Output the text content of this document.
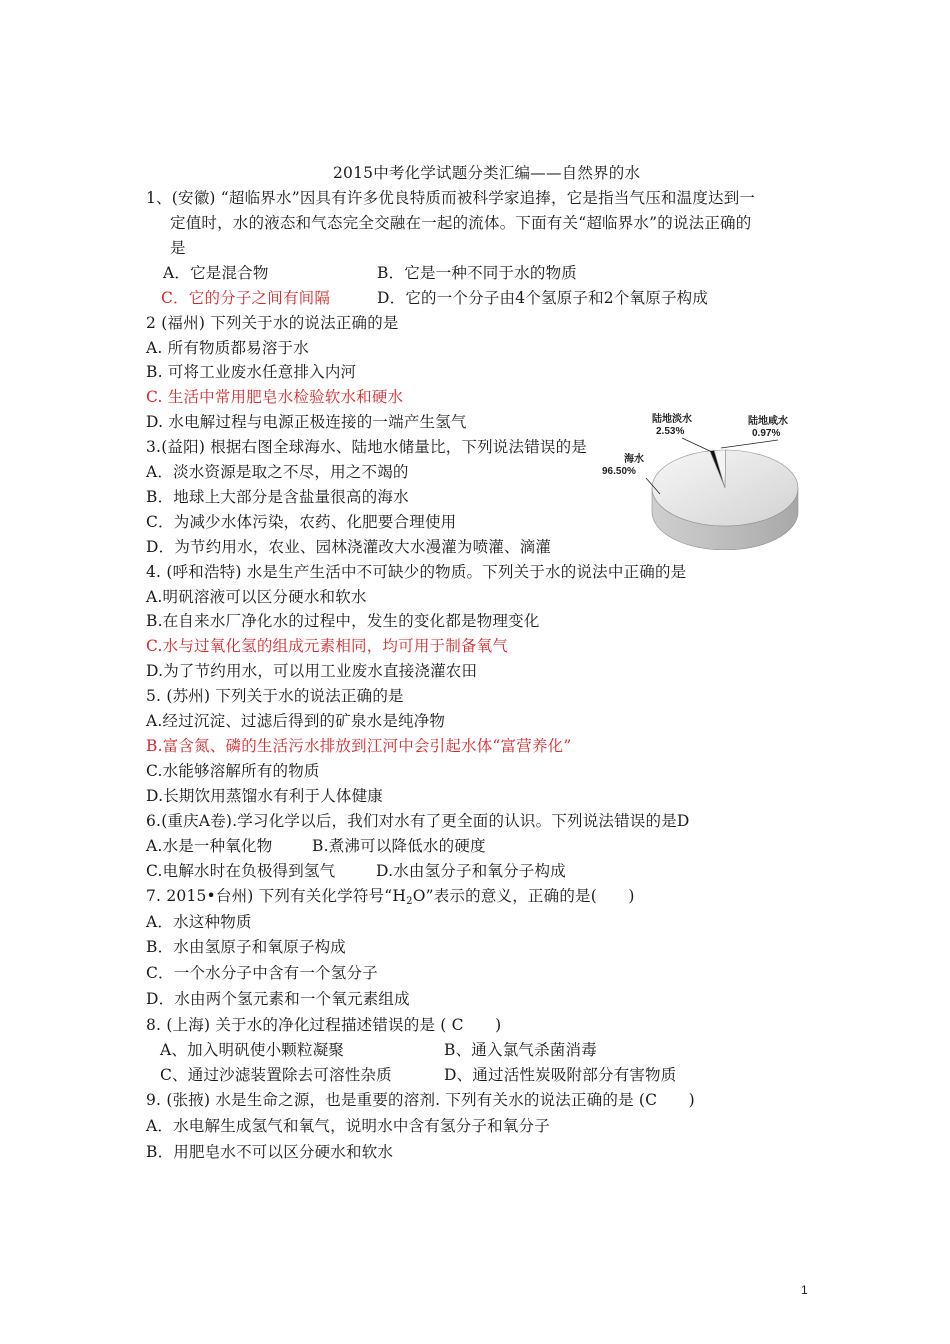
2015中考化学试题分类汇编——自然界的水
1、(安徽) “超临界水”因具有许多优良特质而被科学家追捧，它是指当气压和温度达到一
定值时，水的液态和气态完全交融在一起的流体。下面有关“超临界水”的说法正确的
是
A．它是混合物	B．它是一种不同于水的物质
C．它的分子之间有间隔	D．它的一个分子由4个氢原子和2个氧原子构成
2 (福州) 下列关于水的说法正确的是
A. 所有物质都易溶于水
B. 可将工业废水任意排入内河
C. 生活中常用肥皂水检验软水和硬水
D. 水电解过程与电源正极连接的一端产生氢气
3.(益阳) 根据右图全球海水、陆地水储量比，下列说法错误的是
A．淡水资源是取之不尽，用之不竭的
B．地球上大部分是含盐量很高的海水
C．为减少水体污染，农药、化肥要合理使用
D．为节约用水，农业、园林浇灌改大水漫灌为喷灌、滴灌
陆地淡水
2.53%
陆地咸水
0.97%
海水
96.50%
4. (呼和浩特) 水是生产生活中不可缺少的物质。下列关于水的说法中正确的是
A.明矾溶液可以区分硬水和软水
B.在自来水厂净化水的过程中，发生的变化都是物理变化
C.水与过氧化氢的组成元素相同，均可用于制备氧气
D.为了节约用水，可以用工业废水直接浇灌农田
5. (苏州) 下列关于水的说法正确的是
A.经过沉淀、过滤后得到的矿泉水是纯净物
B.富含氮、磷的生活污水排放到江河中会引起水体“富营养化”
C.水能够溶解所有的物质
D.长期饮用蒸馏水有利于人体健康
6.(重庆A卷).学习化学以后，我们对水有了更全面的认识。下列说法错误的是D
A.水是一种氧化物	B.煮沸可以降低水的硬度
C.电解水时在负极得到氢气	D.水由氢分子和氧分子构成
7. 2015•台州) 下列有关化学符号“$H_2O$”表示的意义，正确的是(　　)
A．水这种物质
B．水由氢原子和氧原子构成
C．一个水分子中含有一个氢分子
D．水由两个氢元素和一个氧元素组成
8. (上海) 关于水的净化过程描述错误的是 ( C　　)
A、加入明矾使小颗粒凝聚	B、通入氯气杀菌消毒
C、通过沙滤装置除去可溶性杂质	D、通过活性炭吸附部分有害物质
9. (张掖) 水是生命之源，也是重要的溶剂. 下列有关水的说法正确的是 (C　　)
A．水电解生成氢气和氧气，说明水中含有氢分子和氧分子
B．用肥皂水不可以区分硬水和软水
1
